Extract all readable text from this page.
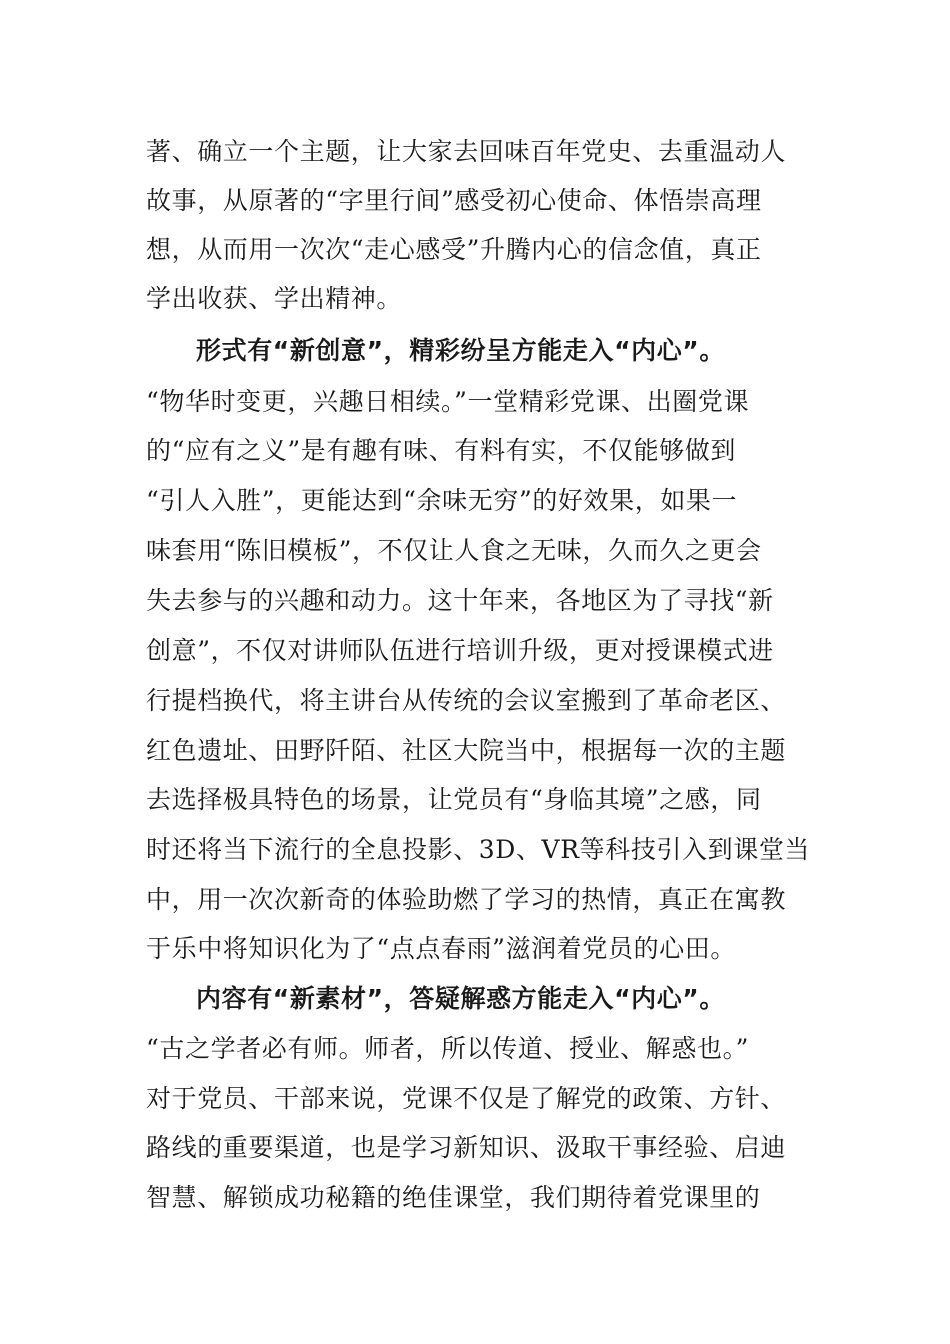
著、确立一个主题，让大家去回味百年党史、去重温动人
故事，从原著的“字里行间”感受初心使命、体悟崇高理
想，从而用一次次“走心感受”升腾内心的信念值，真正
学出收获、学出精神。
形式有“新创意”，精彩纷呈方能走入“内心”。
“物华时变更，兴趣日相续。”一堂精彩党课、出圈党课
的“应有之义”是有趣有味、有料有实，不仅能够做到
“引人入胜”，更能达到“余味无穷”的好效果，如果一
味套用“陈旧模板”，不仅让人食之无味，久而久之更会
失去参与的兴趣和动力。这十年来，各地区为了寻找“新
创意”，不仅对讲师队伍进行培训升级，更对授课模式进
行提档换代，将主讲台从传统的会议室搬到了革命老区、
红色遗址、田野阡陌、社区大院当中，根据每一次的主题
去选择极具特色的场景，让党员有“身临其境”之感，同
时还将当下流行的全息投影、3D、VR等科技引入到课堂当
中，用一次次新奇的体验助燃了学习的热情，真正在寓教
于乐中将知识化为了“点点春雨”滋润着党员的心田。
内容有“新素材”，答疑解惑方能走入“内心”。
“古之学者必有师。师者，所以传道、授业、解惑也。”
对于党员、干部来说，党课不仅是了解党的政策、方针、
路线的重要渠道，也是学习新知识、汲取干事经验、启迪
智慧、解锁成功秘籍的绝佳课堂，我们期待着党课里的
